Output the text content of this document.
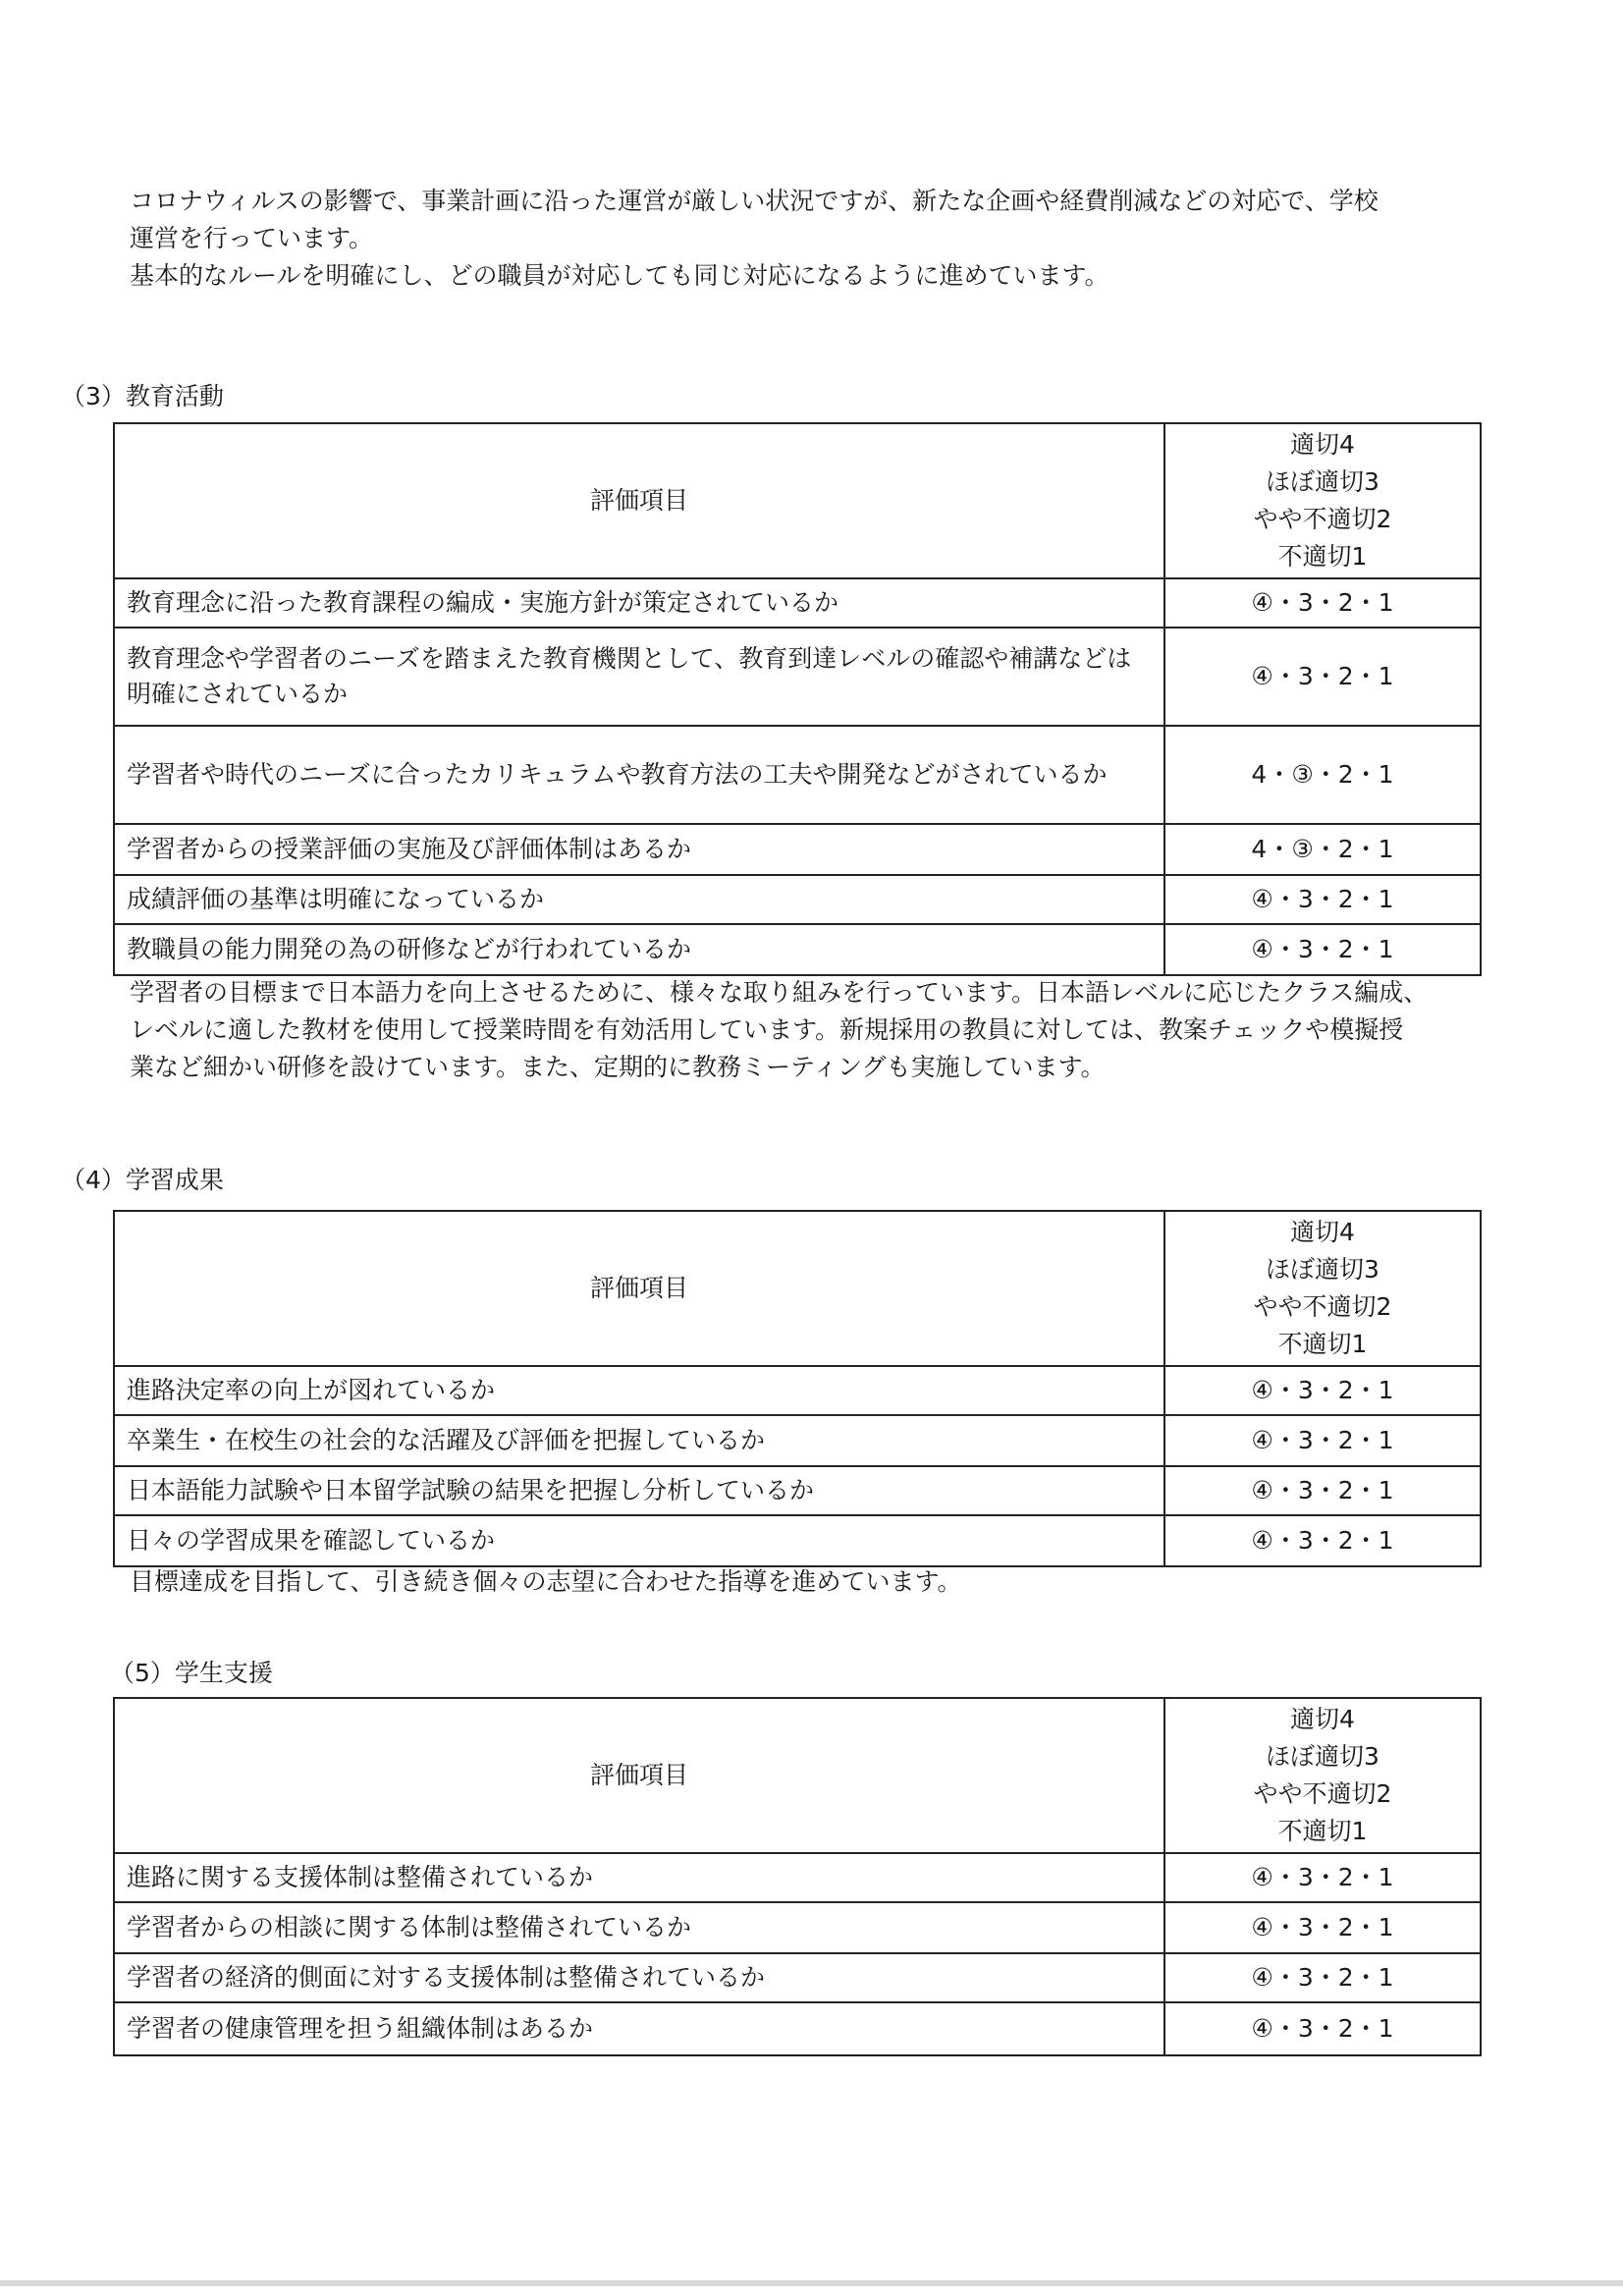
コロナウィルスの影響で、事業計画に沿った運営が厳しい状況ですが、新たな企画や経費削減などの対応で、学校

運営を行っています。

基本的なルールを明確にし、どの職員が対応しても同じ対応になるように進めています。

（3）教育活動
評価項目	適切4
ほぼ適切3
やや不適切2
不適切1

教育理念に沿った教育課程の編成・実施方針が策定されているか	④・3・2・1
教育理念や学習者のニーズを踏まえた教育機関として、教育到達レベルの確認や補講などは明確にされているか	④・3・2・1
学習者や時代のニーズに合ったカリキュラムや教育方法の工夫や開発などがされているか	4・③・2・1
学習者からの授業評価の実施及び評価体制はあるか	4・③・2・1
成績評価の基準は明確になっているか	④・3・2・1
教職員の能力開発の為の研修などが行われているか	④・3・2・1

学習者の目標まで日本語力を向上させるために、様々な取り組みを行っています。日本語レベルに応じたクラス編成、

レベルに適した教材を使用して授業時間を有効活用しています。新規採用の教員に対しては、教案チェックや模擬授

業など細かい研修を設けています。また、定期的に教務ミーティングも実施しています。

（4）学習成果
評価項目	適切4
ほぼ適切3
やや不適切2
不適切1

進路決定率の向上が図れているか	④・3・2・1
卒業生・在校生の社会的な活躍及び評価を把握しているか	④・3・2・1
日本語能力試験や日本留学試験の結果を把握し分析しているか	④・3・2・1
日々の学習成果を確認しているか	④・3・2・1

目標達成を目指して、引き続き個々の志望に合わせた指導を進めています。

（5）学生支援
評価項目	適切4
ほぼ適切3
やや不適切2
不適切1

進路に関する支援体制は整備されているか	④・3・2・1
学習者からの相談に関する体制は整備されているか	④・3・2・1
学習者の経済的側面に対する支援体制は整備されているか	④・3・2・1
学習者の健康管理を担う組織体制はあるか	④・3・2・1
